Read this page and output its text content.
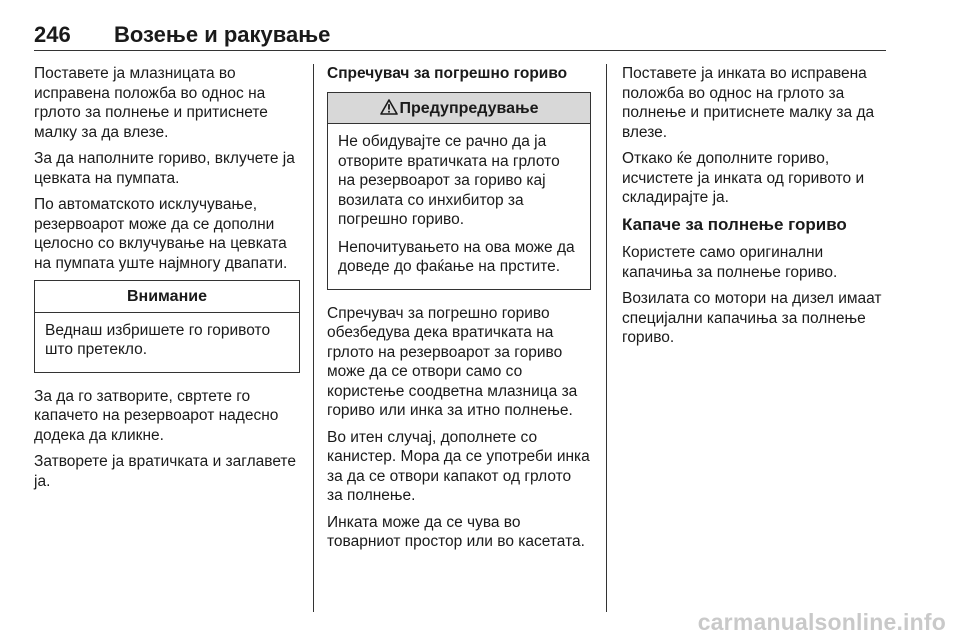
246 Возење и ракување

Поставете ја млазницата во исправена положба во однос на грлото за полнење и притиснете малку за да влезе.

За да наполните гориво, вклучете ја цевката на пумпата.

По автоматското исклучување, резервоарот може да се дополни целосно со вклучување на цевката на пумпата уште најмногу двапати.

Внимание

Веднаш избришете го горивото што претекло.

За да го затворите, свртете го капачето на резервоарот надесно додека да кликне.

Затворете ја вратичката и заглавете ја.

Спречувач за погрешно гориво
Предупредување

Не обидувајте се рачно да ја отворите вратичката на грлото на резервоарот за гориво кај возилата со инхибитор за погрешно гориво.

Непочитувањето на ова може да доведе до фаќање на прстите.

Спречувач за погрешно гориво обезбедува дека вратичката на грлото на резервоарот за гориво може да се отвори само со користење соодветна млазница за гориво или инка за итно полнење.

Во итен случај, дополнете со канистер. Мора да се употреби инка за да се отвори капакот од грлото за полнење.

Инката може да се чува во товарниот простор или во касетата.

Поставете ја инката во исправена положба во однос на грлото за полнење и притиснете малку за да влезе.

Откако ќе дополните гориво, исчистете ја инката од горивото и складирајте ја.

Капаче за полнење гориво

Користете само оригинални капачиња за полнење гориво.

Возилата со мотори на дизел имаат специјални капачиња за полнење гориво.

carmanualsonline.info
